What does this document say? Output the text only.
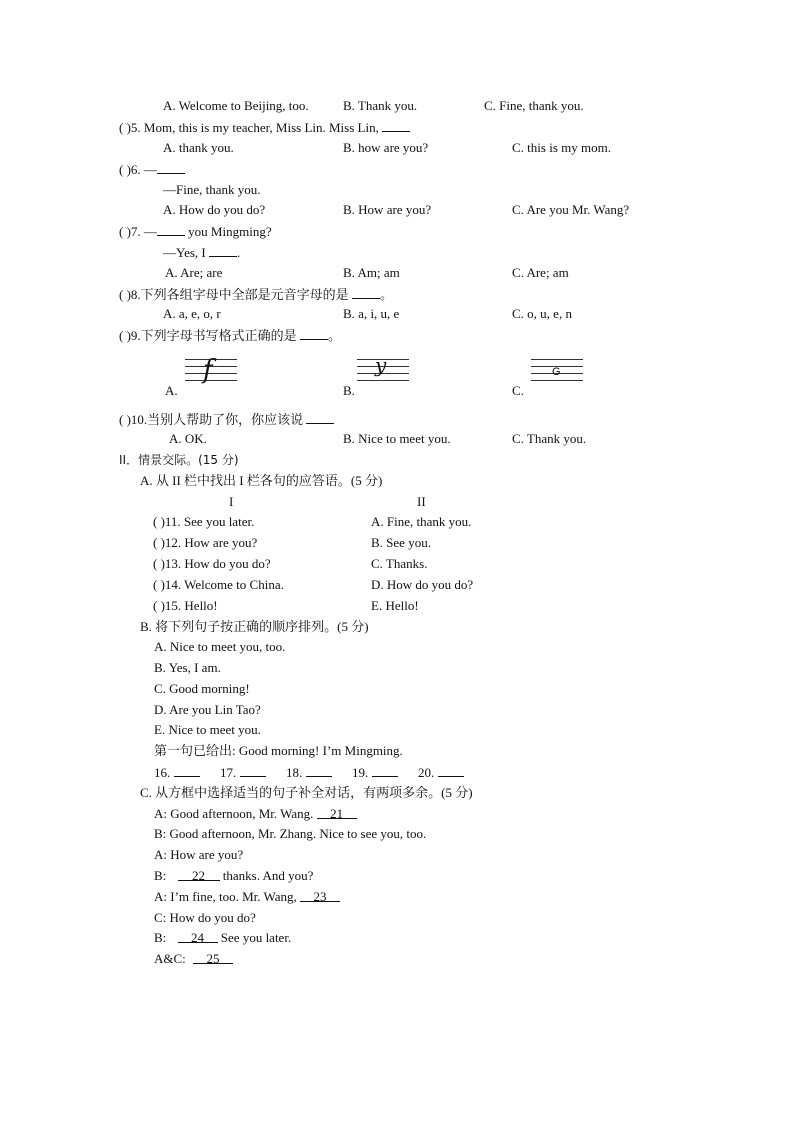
A. Welcome to Beijing, too.	B. Thank you.	C. Fine, thank you.
( )5. Mom, this is my teacher, Miss Lin. Miss Lin,
A. thank you.	B. how are you?	C. this is my mom.
( )6. —
—Fine, thank you.
A. How do you do?	B. How are you?	C. Are you Mr. Wang?
( )7. — you Mingming?
—Yes, I .
A. Are; are	B. Am; am	C. Are; am
( )8.下列各组字母中全部是元音字母的是 。
A. a, e, o, r	B. a, i, u, e	C. o, u, e, n
( )9.下列字母书写格式正确的是 。
A.
f
B.
y
C.
G
( )10.当别人帮助了你，你应该说
A. OK.	B. Nice to meet you.	C. Thank you.
II．情景交际。(15 分)
A. 从 II 栏中找出 I 栏各句的应答语。(5 分)
I	II
( )11. See you later.	A. Fine, thank you.
( )12. How are you?	B. See you.
( )13. How do you do?	C. Thanks.
( )14. Welcome to China.	D. How do you do?
( )15. Hello!	E. Hello!
B. 将下列句子按正确的顺序排列。(5 分)
A. Nice to meet you, too.
B. Yes, I am.
C. Good morning!
D. Are you Lin Tao?
E. Nice to meet you.
第一句已给出: Good morning! I’m Mingming.
16.	17.	18.	19.	20.
C. 从方框中选择适当的句子补全对话，有两项多余。(5 分)
A: Good afternoon, Mr. Wang. 21
B: Good afternoon, Mr. Zhang. Nice to see you, too.
A: How are you?
B: 22 thanks. And you?
A: I’m fine, too. Mr. Wang, 23
C: How do you do?
B: 24 See you later.
A&C: 25
